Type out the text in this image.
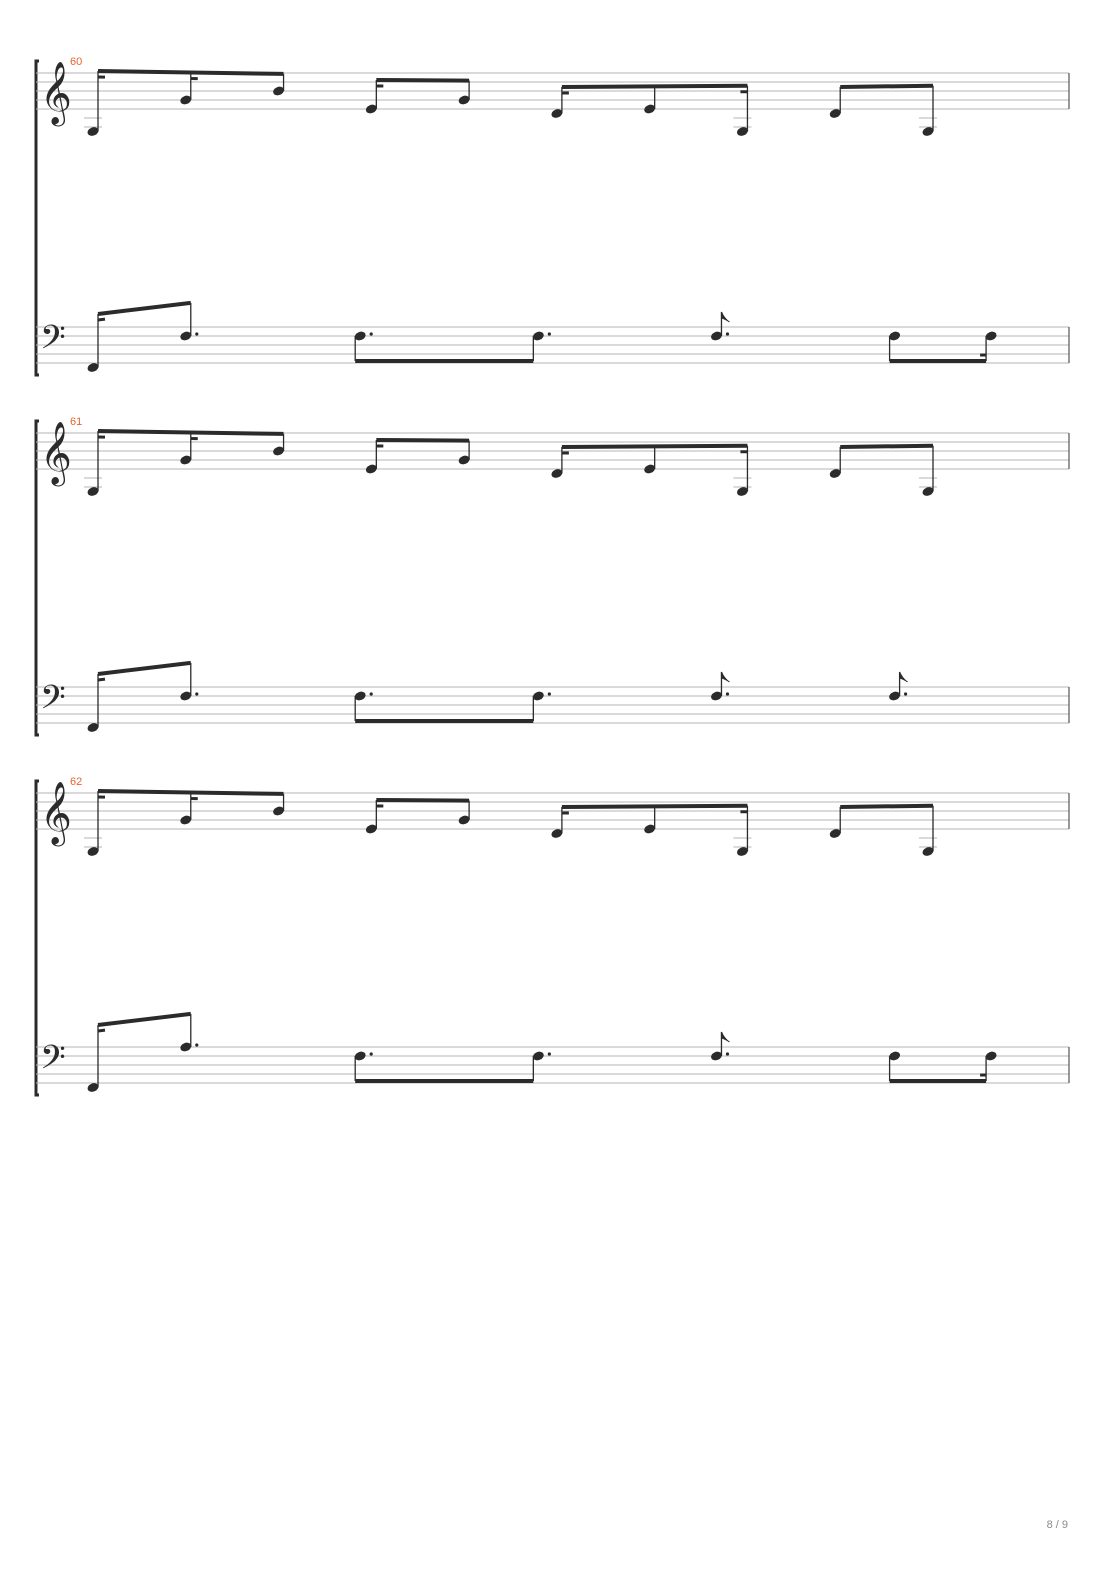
60
𝄞
𝄢
61
𝄞
𝄢
62
𝄞
𝄢
8 / 9
